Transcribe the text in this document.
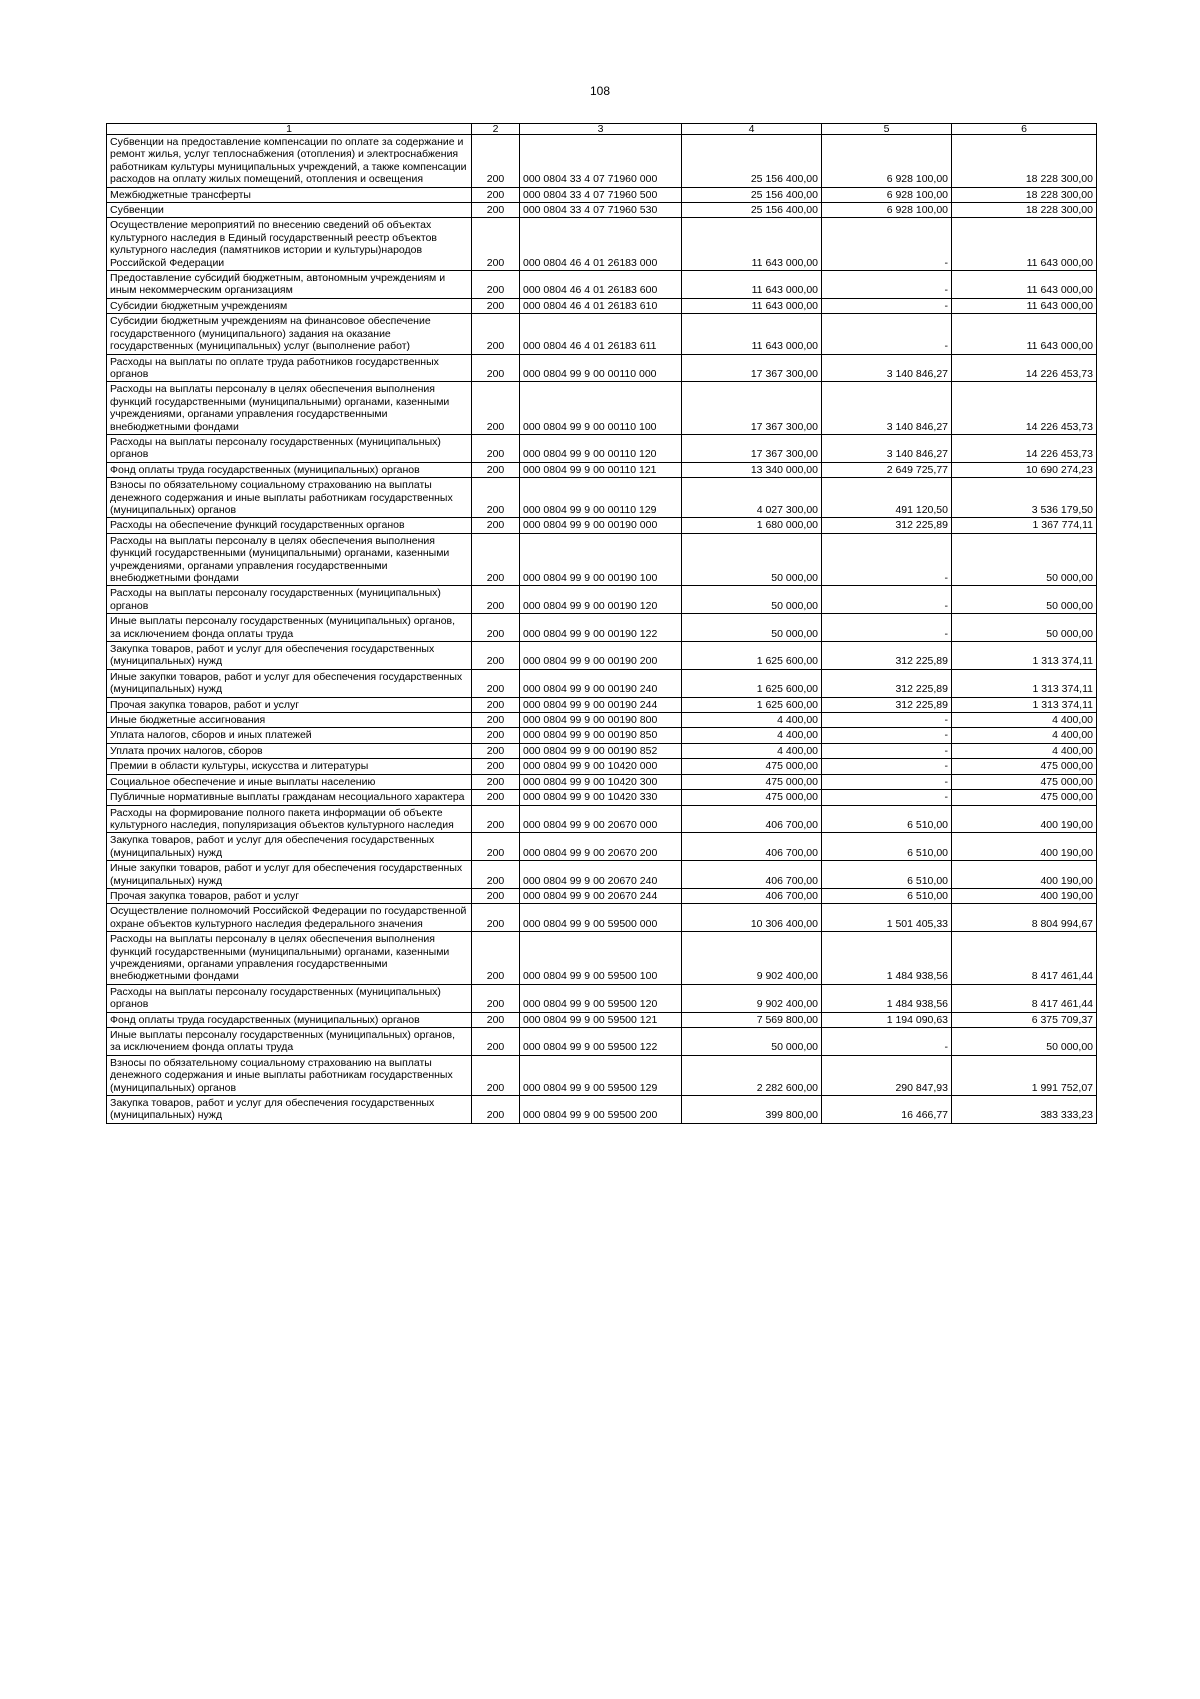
108
1	2	3	4	5	6
Субвенции на предоставление компенсации по оплате за содержание и ремонт жилья, услуг теплоснабжения (отопления) и электроснабжения работникам культуры муниципальных учреждений, а также компенсации расходов на оплату жилых помещений, отопления и освещения	200	000 0804 33 4 07 71960 000	25 156 400,00	6 928 100,00	18 228 300,00
Межбюджетные трансферты	200	000 0804 33 4 07 71960 500	25 156 400,00	6 928 100,00	18 228 300,00
Субвенции	200	000 0804 33 4 07 71960 530	25 156 400,00	6 928 100,00	18 228 300,00
Осуществление мероприятий по внесению сведений об объектах культурного наследия в Единый государственный реестр объектов культурного наследия (памятников истории и культуры)народов Российской Федерации	200	000 0804 46 4 01 26183 000	11 643 000,00	-	11 643 000,00
Предоставление субсидий бюджетным, автономным учреждениям и иным некоммерческим организациям	200	000 0804 46 4 01 26183 600	11 643 000,00	-	11 643 000,00
Субсидии бюджетным учреждениям	200	000 0804 46 4 01 26183 610	11 643 000,00	-	11 643 000,00
Субсидии бюджетным учреждениям на финансовое обеспечение государственного (муниципального) задания на оказание государственных (муниципальных) услуг (выполнение работ)	200	000 0804 46 4 01 26183 611	11 643 000,00	-	11 643 000,00
Расходы на выплаты по оплате труда работников государственных органов	200	000 0804 99 9 00 00110 000	17 367 300,00	3 140 846,27	14 226 453,73
Расходы на выплаты персоналу в целях обеспечения выполнения функций государственными (муниципальными) органами, казенными учреждениями, органами управления государственными внебюджетными фондами	200	000 0804 99 9 00 00110 100	17 367 300,00	3 140 846,27	14 226 453,73
Расходы на выплаты персоналу государственных (муниципальных) органов	200	000 0804 99 9 00 00110 120	17 367 300,00	3 140 846,27	14 226 453,73
Фонд оплаты труда государственных (муниципальных) органов	200	000 0804 99 9 00 00110 121	13 340 000,00	2 649 725,77	10 690 274,23
Взносы по обязательному социальному страхованию на выплаты денежного содержания и иные выплаты работникам государственных (муниципальных) органов	200	000 0804 99 9 00 00110 129	4 027 300,00	491 120,50	3 536 179,50
Расходы на обеспечение функций государственных органов	200	000 0804 99 9 00 00190 000	1 680 000,00	312 225,89	1 367 774,11
Расходы на выплаты персоналу в целях обеспечения выполнения функций государственными (муниципальными) органами, казенными учреждениями, органами управления государственными внебюджетными фондами	200	000 0804 99 9 00 00190 100	50 000,00	-	50 000,00
Расходы на выплаты персоналу государственных (муниципальных) органов	200	000 0804 99 9 00 00190 120	50 000,00	-	50 000,00
Иные выплаты персоналу государственных (муниципальных) органов, за исключением фонда оплаты труда	200	000 0804 99 9 00 00190 122	50 000,00	-	50 000,00
Закупка товаров, работ и услуг для обеспечения государственных (муниципальных) нужд	200	000 0804 99 9 00 00190 200	1 625 600,00	312 225,89	1 313 374,11
Иные закупки товаров, работ и услуг для обеспечения государственных (муниципальных) нужд	200	000 0804 99 9 00 00190 240	1 625 600,00	312 225,89	1 313 374,11
Прочая закупка товаров, работ и услуг	200	000 0804 99 9 00 00190 244	1 625 600,00	312 225,89	1 313 374,11
Иные бюджетные ассигнования	200	000 0804 99 9 00 00190 800	4 400,00	-	4 400,00
Уплата налогов, сборов и иных платежей	200	000 0804 99 9 00 00190 850	4 400,00	-	4 400,00
Уплата прочих налогов, сборов	200	000 0804 99 9 00 00190 852	4 400,00	-	4 400,00
Премии в области культуры, искусства и литературы	200	000 0804 99 9 00 10420 000	475 000,00	-	475 000,00
Социальное обеспечение и иные выплаты населению	200	000 0804 99 9 00 10420 300	475 000,00	-	475 000,00
Публичные нормативные выплаты гражданам несоциального характера	200	000 0804 99 9 00 10420 330	475 000,00	-	475 000,00
Расходы на формирование полного пакета информации об объекте культурного наследия, популяризация объектов культурного наследия	200	000 0804 99 9 00 20670 000	406 700,00	6 510,00	400 190,00
Закупка товаров, работ и услуг для обеспечения государственных (муниципальных) нужд	200	000 0804 99 9 00 20670 200	406 700,00	6 510,00	400 190,00
Иные закупки товаров, работ и услуг для обеспечения государственных (муниципальных) нужд	200	000 0804 99 9 00 20670 240	406 700,00	6 510,00	400 190,00
Прочая закупка товаров, работ и услуг	200	000 0804 99 9 00 20670 244	406 700,00	6 510,00	400 190,00
Осуществление полномочий Российской Федерации по государственной охране объектов культурного наследия федерального значения	200	000 0804 99 9 00 59500 000	10 306 400,00	1 501 405,33	8 804 994,67
Расходы на выплаты персоналу в целях обеспечения выполнения функций государственными (муниципальными) органами, казенными учреждениями, органами управления государственными внебюджетными фондами	200	000 0804 99 9 00 59500 100	9 902 400,00	1 484 938,56	8 417 461,44
Расходы на выплаты персоналу государственных (муниципальных) органов	200	000 0804 99 9 00 59500 120	9 902 400,00	1 484 938,56	8 417 461,44
Фонд оплаты труда государственных (муниципальных) органов	200	000 0804 99 9 00 59500 121	7 569 800,00	1 194 090,63	6 375 709,37
Иные выплаты персоналу государственных (муниципальных) органов, за исключением фонда оплаты труда	200	000 0804 99 9 00 59500 122	50 000,00	-	50 000,00
Взносы по обязательному социальному страхованию на выплаты денежного содержания и иные выплаты работникам государственных (муниципальных) органов	200	000 0804 99 9 00 59500 129	2 282 600,00	290 847,93	1 991 752,07
Закупка товаров, работ и услуг для обеспечения государственных (муниципальных) нужд	200	000 0804 99 9 00 59500 200	399 800,00	16 466,77	383 333,23
